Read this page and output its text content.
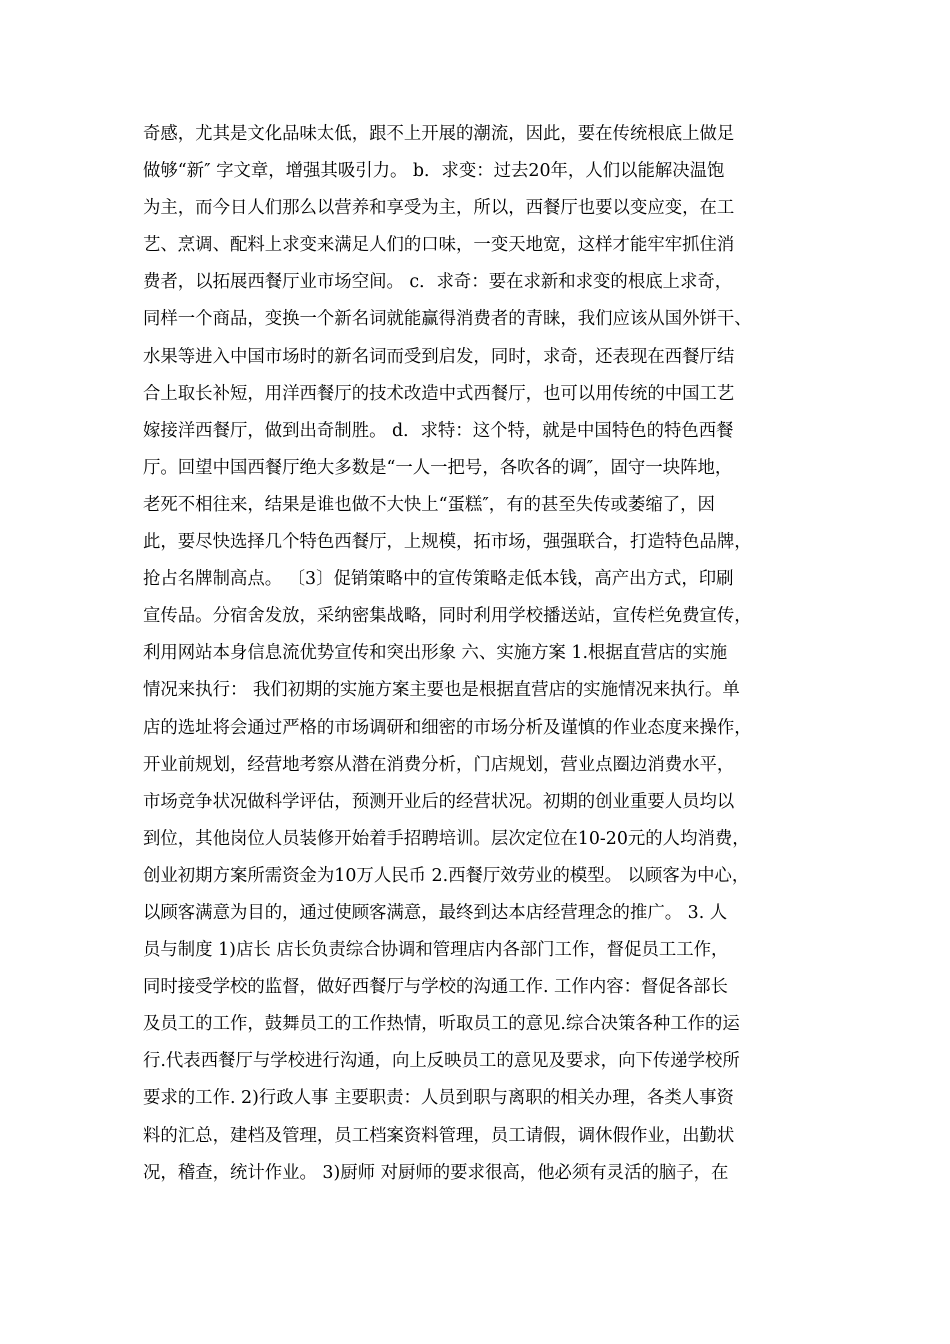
奇感，尤其是文化品味太低，跟不上开展的潮流，因此，要在传统根底上做足
做够“新″ 字文章，增强其吸引力。 b．求变：过去20年，人们以能解决温饱
为主，而今日人们那么以营养和享受为主，所以，西餐厅也要以变应变，在工
艺、烹调、配料上求变来满足人们的口味，一变天地宽，这样才能牢牢抓住消
费者，以拓展西餐厅业市场空间。 c．求奇：要在求新和求变的根底上求奇，
同样一个商品，变换一个新名词就能赢得消费者的青睐，我们应该从国外饼干、
水果等进入中国市场时的新名词而受到启发，同时，求奇，还表现在西餐厅结
合上取长补短，用洋西餐厅的技术改造中式西餐厅，也可以用传统的中国工艺
嫁接洋西餐厅，做到出奇制胜。 d．求特：这个特，就是中国特色的特色西餐
厅。回望中国西餐厅绝大多数是“一人一把号，各吹各的调″，固守一块阵地，
老死不相往来，结果是谁也做不大快上“蛋糕″，有的甚至失传或萎缩了，因
此，要尽快选择几个特色西餐厅，上规模，拓市场，强强联合，打造特色品牌，
抢占名牌制高点。 〔3〕促销策略中的宣传策略走低本钱，高产出方式，印刷
宣传品。分宿舍发放，采纳密集战略，同时利用学校播送站，宣传栏免费宣传，
利用网站本身信息流优势宣传和突出形象 六、实施方案 1.根据直营店的实施
情况来执行： 我们初期的实施方案主要也是根据直营店的实施情况来执行。单
店的选址将会通过严格的市场调研和细密的市场分析及谨慎的作业态度来操作，
开业前规划，经营地考察从潜在消费分析，门店规划，营业点圈边消费水平，
市场竞争状况做科学评估，预测开业后的经营状况。初期的创业重要人员均以
到位，其他岗位人员装修开始着手招聘培训。层次定位在10-20元的人均消费，
创业初期方案所需资金为10万人民币 2.西餐厅效劳业的模型。 以顾客为中心，
以顾客满意为目的，通过使顾客满意，最终到达本店经营理念的推广。 3. 人
员与制度 1)店长 店长负责综合协调和管理店内各部门工作，督促员工工作，
同时接受学校的监督，做好西餐厅与学校的沟通工作. 工作内容：督促各部长
及员工的工作，鼓舞员工的工作热情，听取员工的意见.综合决策各种工作的运
行.代表西餐厅与学校进行沟通，向上反映员工的意见及要求，向下传递学校所
要求的工作. 2)行政人事 主要职责：人员到职与离职的相关办理，各类人事资
料的汇总，建档及管理，员工档案资料管理，员工请假，调休假作业，出勤状
况，稽查，统计作业。 3)厨师 对厨师的要求很高，他必须有灵活的脑子，在
